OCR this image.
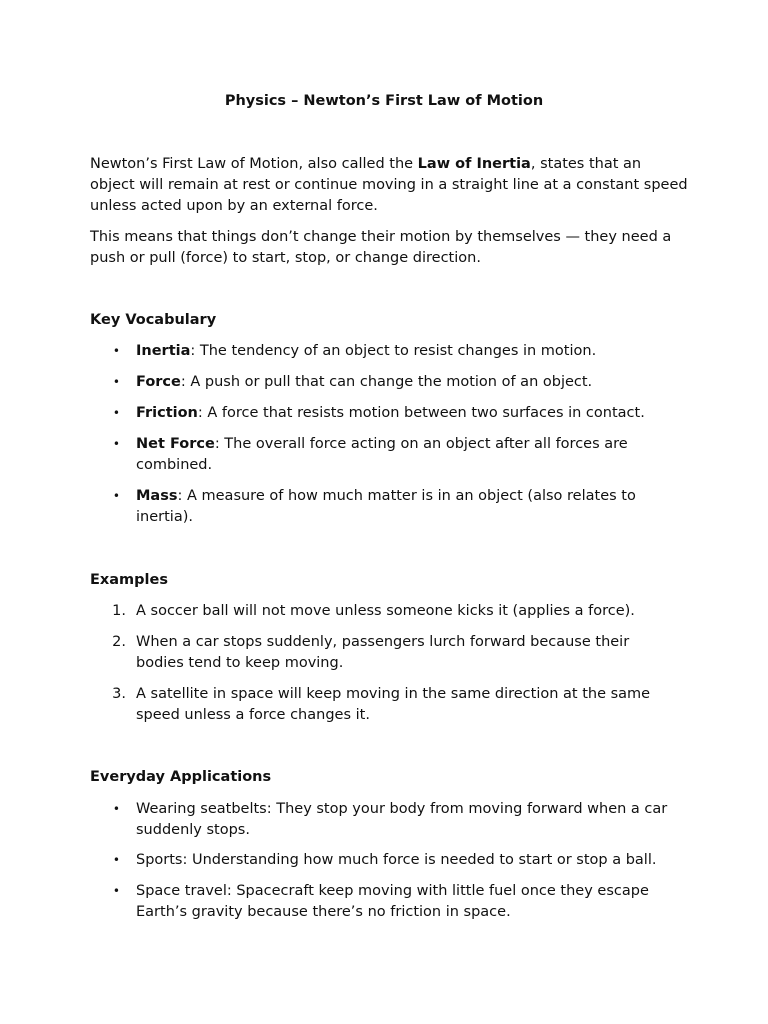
Physics – Newton’s First Law of Motion

Newton’s First Law of Motion, also called the Law of Inertia, states that an object will remain at rest or continue moving in a straight line at a constant speed unless acted upon by an external force.

This means that things don’t change their motion by themselves — they need a push or pull (force) to start, stop, or change direction.

Key Vocabulary
• Inertia: The tendency of an object to resist changes in motion.
• Force: A push or pull that can change the motion of an object.
• Friction: A force that resists motion between two surfaces in contact.
• Net Force: The overall force acting on an object after all forces are combined.
• Mass: A measure of how much matter is in an object (also relates to inertia).
Examples
1. A soccer ball will not move unless someone kicks it (applies a force).
2. When a car stops suddenly, passengers lurch forward because their bodies tend to keep moving.
3. A satellite in space will keep moving in the same direction at the same speed unless a force changes it.
Everyday Applications
• Wearing seatbelts: They stop your body from moving forward when a car suddenly stops.
• Sports: Understanding how much force is needed to start or stop a ball.
• Space travel: Spacecraft keep moving with little fuel once they escape Earth’s gravity because there’s no friction in space.
